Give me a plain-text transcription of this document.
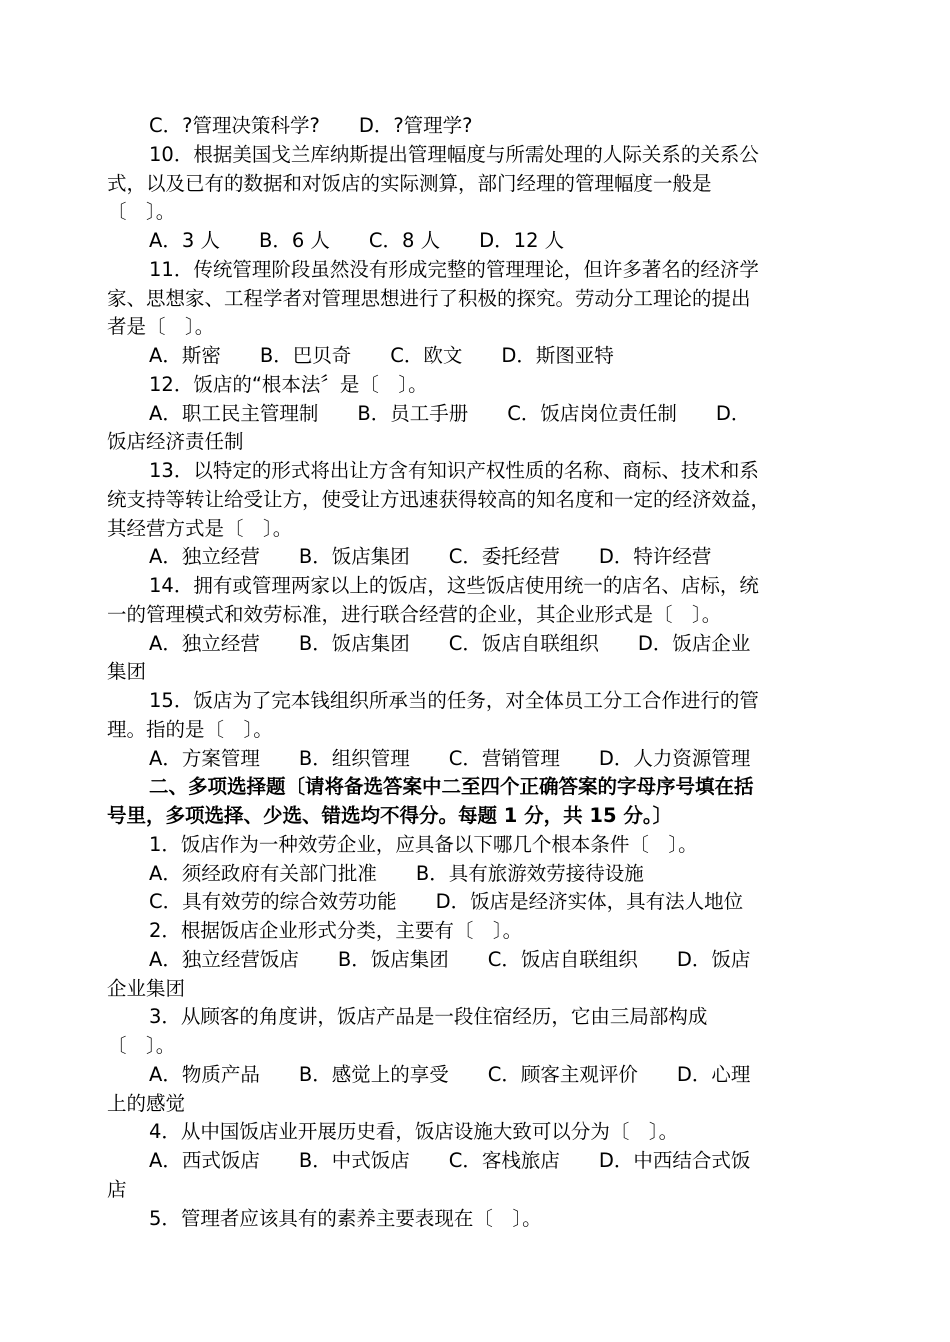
C．?管理决策科学?　　D．?管理学?
10．根据美国戈兰库纳斯提出管理幅度与所需处理的人际关系的关系公
式，以及已有的数据和对饭店的实际测算，部门经理的管理幅度一般是
〔　〕。
A．3 人　　B．6 人　　C．8 人　　D．12 人
11．传统管理阶段虽然没有形成完整的管理理论，但许多著名的经济学
家、思想家、工程学者对管理思想进行了积极的探究。劳动分工理论的提出
者是〔　〕。
A．斯密　　B．巴贝奇　　C．欧文　　D．斯图亚特
12．饭店的“根本法〞是〔　〕。
A．职工民主管理制　　B．员工手册　　C．饭店岗位责任制　　D．
饭店经济责任制
13．以特定的形式将出让方含有知识产权性质的名称、商标、技术和系
统支持等转让给受让方，使受让方迅速获得较高的知名度和一定的经济效益，
其经营方式是〔　〕。
A．独立经营　　B．饭店集团　　C．委托经营　　D．特许经营
14．拥有或管理两家以上的饭店，这些饭店使用统一的店名、店标，统
一的管理模式和效劳标准，进行联合经营的企业，其企业形式是〔　〕。
A．独立经营　　B．饭店集团　　C．饭店自联组织　　D．饭店企业
集团
15．饭店为了完本钱组织所承当的任务，对全体员工分工合作进行的管
理。指的是〔　〕。
A．方案管理　　B．组织管理　　C．营销管理　　D．人力资源管理
二、多项选择题〔请将备选答案中二至四个正确答案的字母序号填在括
号里，多项选择、少选、错选均不得分。每题 1 分，共 15 分。〕
1．饭店作为一种效劳企业，应具备以下哪几个根本条件〔　〕。
A．须经政府有关部门批准　　B．具有旅游效劳接待设施
C．具有效劳的综合效劳功能　　D．饭店是经济实体，具有法人地位
2．根据饭店企业形式分类，主要有〔　〕。
A．独立经营饭店　　B．饭店集团　　C．饭店自联组织　　D．饭店
企业集团
3．从顾客的角度讲，饭店产品是一段住宿经历，它由三局部构成
〔　〕。
A．物质产品　　B．感觉上的享受　　C．顾客主观评价　　D．心理
上的感觉
4．从中国饭店业开展历史看，饭店设施大致可以分为〔　〕。
A．西式饭店　　B．中式饭店　　C．客栈旅店　　D．中西结合式饭
店
5．管理者应该具有的素养主要表现在〔　〕。
